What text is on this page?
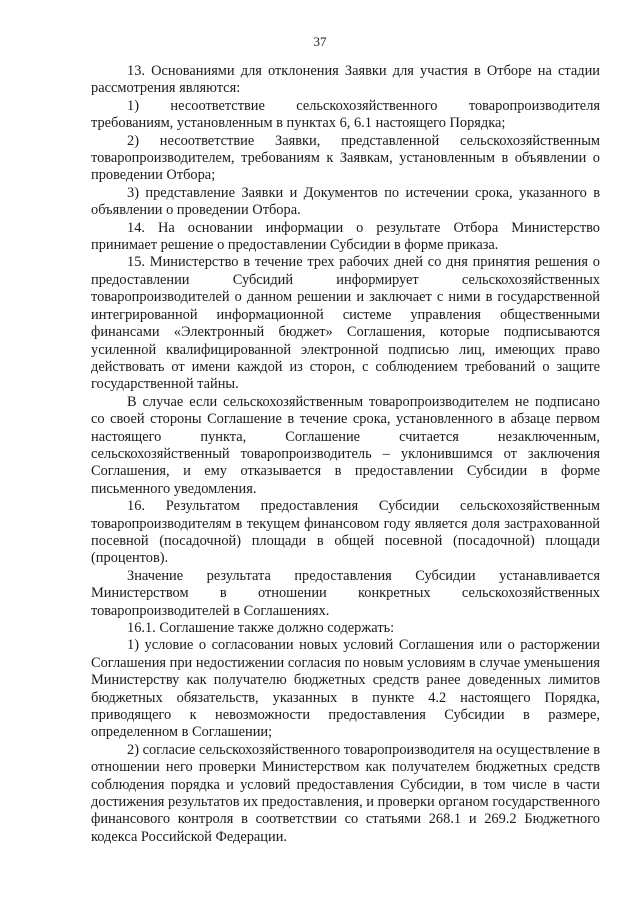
37

13. Основаниями для отклонения Заявки для участия в Отборе на стадии рассмотрения являются:

1) несоответствие сельскохозяйственного товаропроизводителя требованиям, установленным в пунктах 6, 6.1 настоящего Порядка;

2) несоответствие Заявки, представленной сельскохозяйственным товаропроизводителем, требованиям к Заявкам, установленным в объявлении о проведении Отбора;

3) представление Заявки и Документов по истечении срока, указанного в объявлении о проведении Отбора.

14. На основании информации о результате Отбора Министерство принимает решение о предоставлении Субсидии в форме приказа.

15. Министерство в течение трех рабочих дней со дня принятия решения о предоставлении Субсидий информирует сельскохозяйственных товаропроизводителей о данном решении и заключает с ними в государственной интегрированной информационной системе управления общественными финансами «Электронный бюджет» Соглашения, которые подписываются усиленной квалифицированной электронной подписью лиц, имеющих право действовать от имени каждой из сторон, с соблюдением требований о защите государственной тайны.

В случае если сельскохозяйственным товаропроизводителем не подписано со своей стороны Соглашение в течение срока, установленного в абзаце первом настоящего пункта, Соглашение считается незаключенным, сельскохозяйственный товаропроизводитель – уклонившимся от заключения Соглашения, и ему отказывается в предоставлении Субсидии в форме письменного уведомления.

16. Результатом предоставления Субсидии сельскохозяйственным товаропроизводителям в текущем финансовом году является доля застрахованной посевной (посадочной) площади в общей посевной (посадочной) площади (процентов).

Значение результата предоставления Субсидии устанавливается Министерством в отношении конкретных сельскохозяйственных товаропроизводителей в Соглашениях.

16.1. Соглашение также должно содержать:

1) условие о согласовании новых условий Соглашения или о расторжении Соглашения при недостижении согласия по новым условиям в случае уменьшения Министерству как получателю бюджетных средств ранее доведенных лимитов бюджетных обязательств, указанных в пункте 4.2 настоящего Порядка, приводящего к невозможности предоставления Субсидии в размере, определенном в Соглашении;

2) согласие сельскохозяйственного товаропроизводителя на осуществление в отношении него проверки Министерством как получателем бюджетных средств соблюдения порядка и условий предоставления Субсидии, в том числе в части достижения результатов их предоставления, и проверки органом государственного финансового контроля в соответствии со статьями 268.1 и 269.2 Бюджетного кодекса Российской Федерации.
